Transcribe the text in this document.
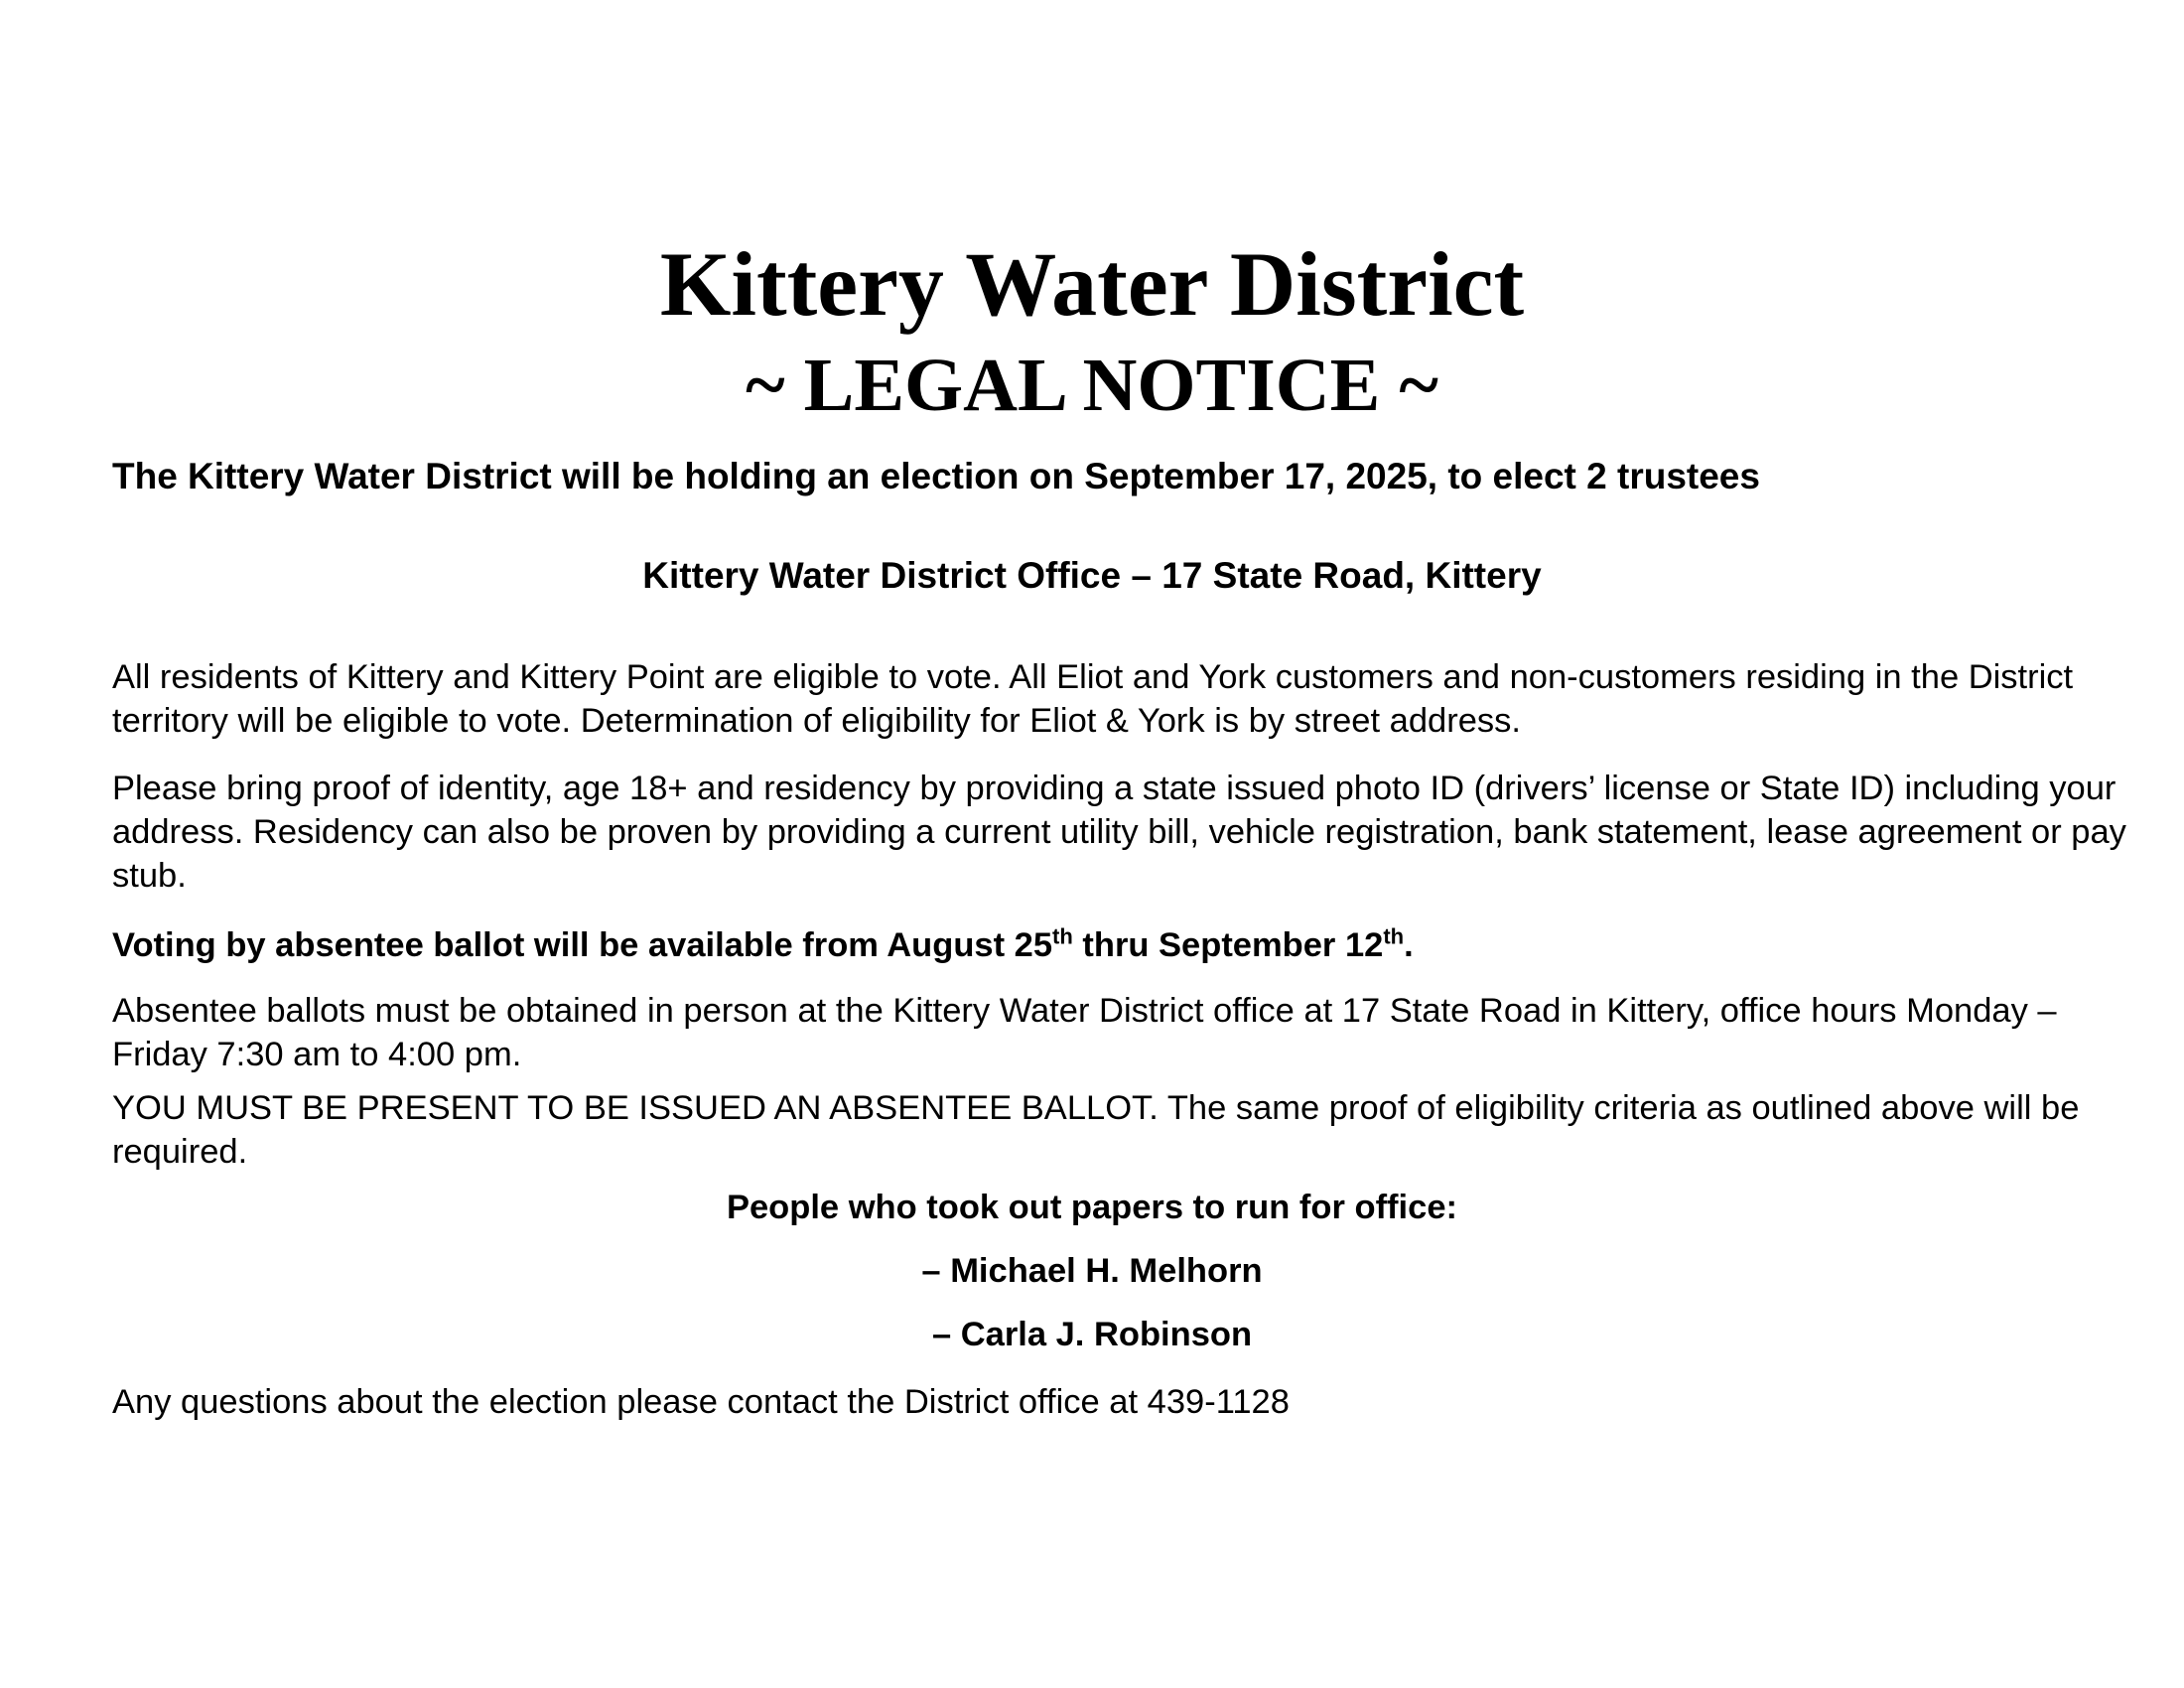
Kittery Water District
~ LEGAL NOTICE ~

The Kittery Water District will be holding an election on September 17, 2025, to elect 2 trustees

Kittery Water District Office – 17 State Road, Kittery

All residents of Kittery and Kittery Point are eligible to vote. All Eliot and York customers and non-customers residing in the District territory will be eligible to vote. Determination of eligibility for Eliot & York is by street address.

Please bring proof of identity, age 18+ and residency by providing a state issued photo ID (drivers’ license or State ID) including your address. Residency can also be proven by providing a current utility bill, vehicle registration, bank statement, lease agreement or pay stub.

Voting by absentee ballot will be available from August 25th thru September 12th.

Absentee ballots must be obtained in person at the Kittery Water District office at 17 State Road in Kittery, office hours Monday – Friday 7:30 am to 4:00 pm.

YOU MUST BE PRESENT TO BE ISSUED AN ABSENTEE BALLOT. The same proof of eligibility criteria as outlined above will be required.

People who took out papers to run for office:

– Michael H. Melhorn

– Carla J. Robinson

Any questions about the election please contact the District office at 439-1128
